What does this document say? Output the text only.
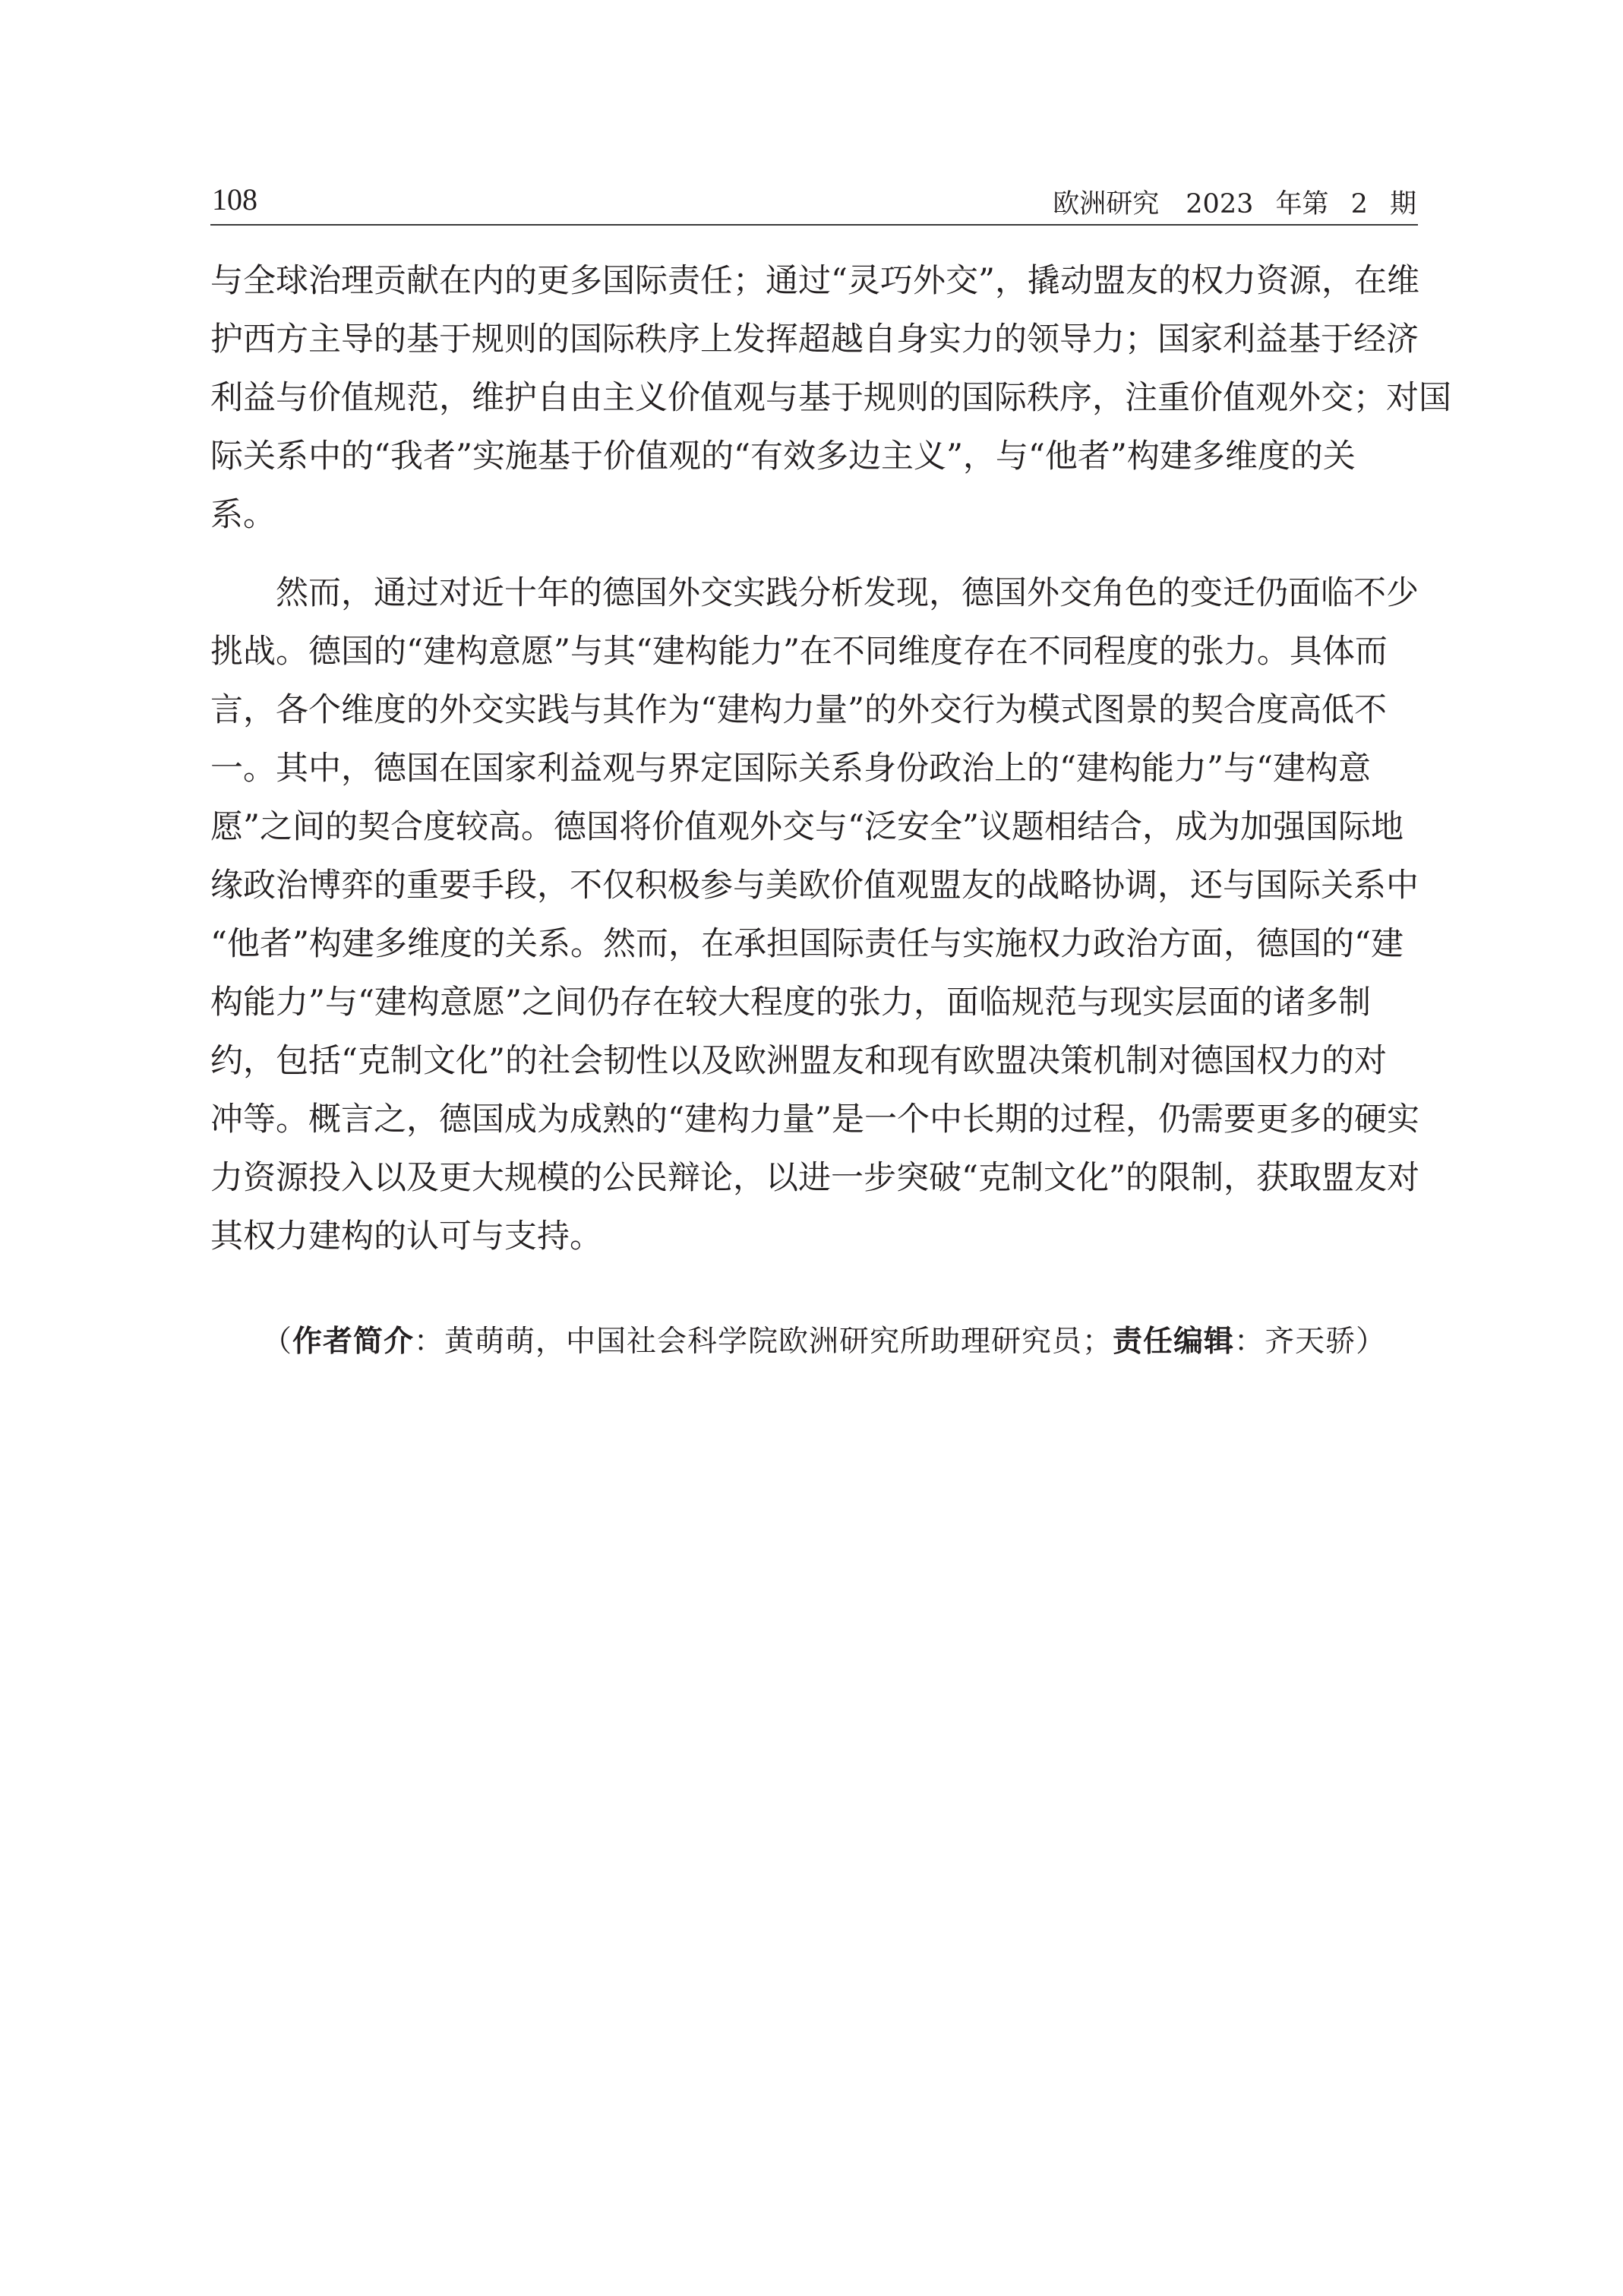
108	欧洲研究　2023 年第 2 期
与全球治理贡献在内的更多国际责任；通过“灵巧外交”，撬动盟友的权力资源，在维
护西方主导的基于规则的国际秩序上发挥超越自身实力的领导力；国家利益基于经济
利益与价值规范，维护自由主义价值观与基于规则的国际秩序，注重价值观外交；对国
际关系中的“我者”实施基于价值观的“有效多边主义”，与“他者”构建多维度的关
系。
然而，通过对近十年的德国外交实践分析发现，德国外交角色的变迁仍面临不少
挑战。德国的“建构意愿”与其“建构能力”在不同维度存在不同程度的张力。具体而
言，各个维度的外交实践与其作为“建构力量”的外交行为模式图景的契合度高低不
一。其中，德国在国家利益观与界定国际关系身份政治上的“建构能力”与“建构意
愿”之间的契合度较高。德国将价值观外交与“泛安全”议题相结合，成为加强国际地
缘政治博弈的重要手段，不仅积极参与美欧价值观盟友的战略协调，还与国际关系中
“他者”构建多维度的关系。然而，在承担国际责任与实施权力政治方面，德国的“建
构能力”与“建构意愿”之间仍存在较大程度的张力，面临规范与现实层面的诸多制
约，包括“克制文化”的社会韧性以及欧洲盟友和现有欧盟决策机制对德国权力的对
冲等。概言之，德国成为成熟的“建构力量”是一个中长期的过程，仍需要更多的硬实
力资源投入以及更大规模的公民辩论，以进一步突破“克制文化”的限制，获取盟友对
其权力建构的认可与支持。
（作者简介：黄萌萌，中国社会科学院欧洲研究所助理研究员；责任编辑：齐天骄）
